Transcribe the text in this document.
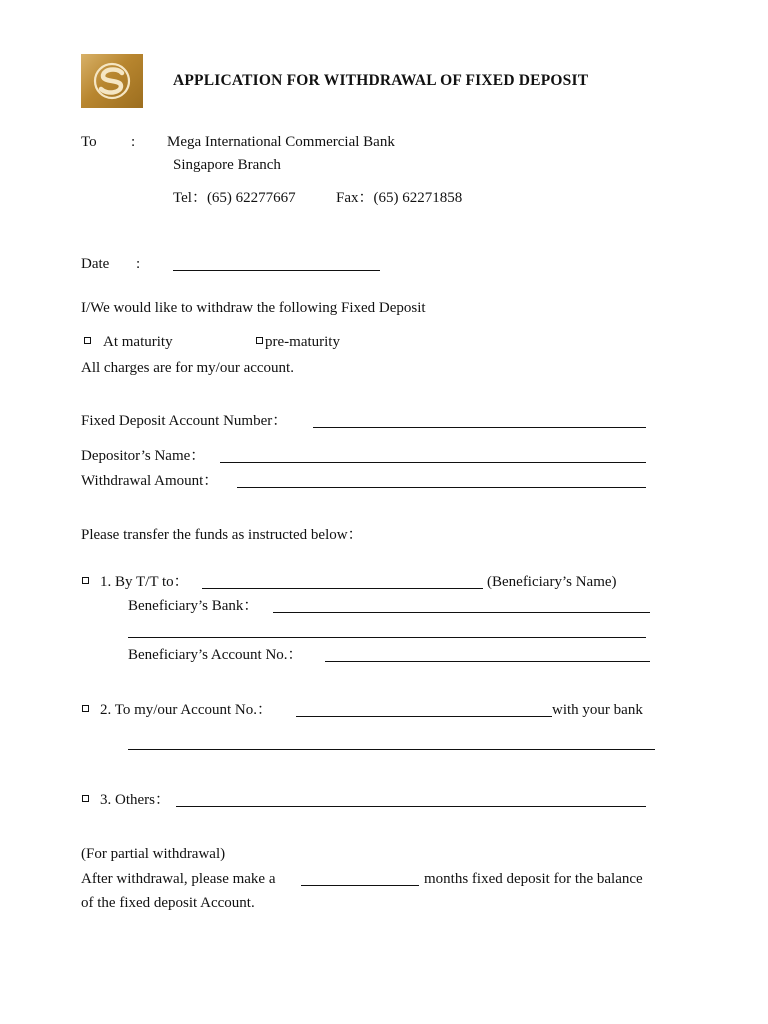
APPLICATION FOR WITHDRAWAL OF FIXED DEPOSIT
To : Mega International Commercial Bank
Singapore Branch
Tel：(65) 62277667	Fax：(65) 62271858
Date :
I/We would like to withdraw the following Fixed Deposit
At maturity	pre-maturity
All charges are for my/our account.
Fixed Deposit Account Number：
Depositor’s Name：
Withdrawal Amount：
Please transfer the funds as instructed below：
1. By T/T to：	(Beneficiary’s Name)
Beneficiary’s Bank：
Beneficiary’s Account No.：
2. To my/our Account No.：	with your bank
3. Others：
(For partial withdrawal)
After withdrawal, please make a	months fixed deposit for the balance
of the fixed deposit Account.
